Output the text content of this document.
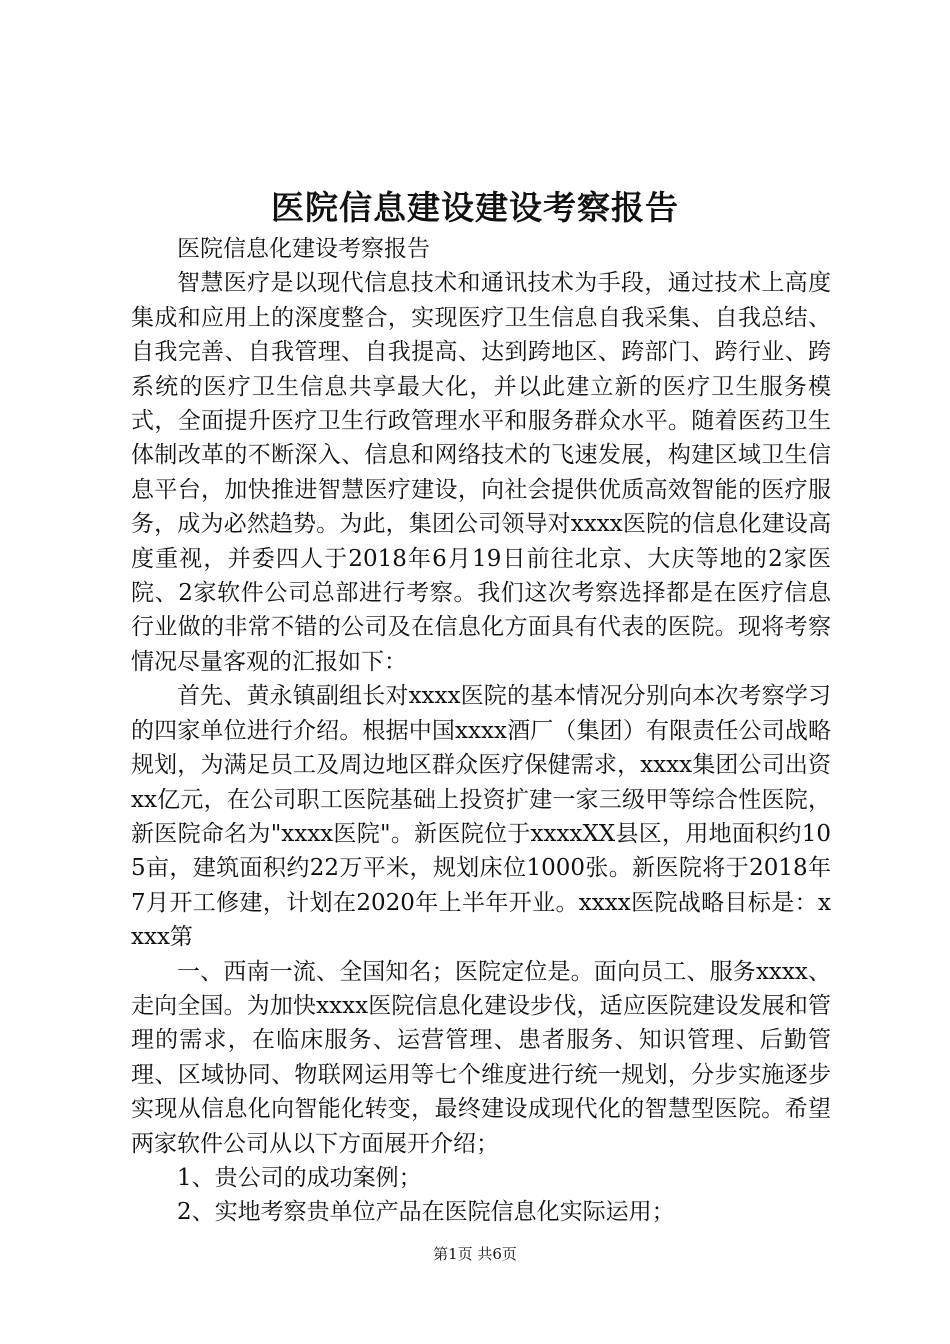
医院信息建设建设考察报告

医院信息化建设考察报告

智慧医疗是以现代信息技术和通讯技术为手段，通过技术上高度集成和应用上的深度整合，实现医疗卫生信息自我采集、自我总结、自我完善、自我管理、自我提高、达到跨地区、跨部门、跨行业、跨系统的医疗卫生信息共享最大化，并以此建立新的医疗卫生服务模式，全面提升医疗卫生行政管理水平和服务群众水平。随着医药卫生体制改革的不断深入、信息和网络技术的飞速发展，构建区域卫生信息平台，加快推进智慧医疗建设，向社会提供优质高效智能的医疗服务，成为必然趋势。为此，集团公司领导对xxxx医院的信息化建设高度重视，并委四人于2018年6月19日前往北京、大庆等地的2家医院、2家软件公司总部进行考察。我们这次考察选择都是在医疗信息行业做的非常不错的公司及在信息化方面具有代表的医院。现将考察情况尽量客观的汇报如下：

首先、黄永镇副组长对xxxx医院的基本情况分别向本次考察学习的四家单位进行介绍。根据中国xxxx酒厂（集团）有限责任公司战略规划，为满足员工及周边地区群众医疗保健需求，xxxx集团公司出资xx亿元，在公司职工医院基础上投资扩建一家三级甲等综合性医院，新医院命名为"xxxx医院"。新医院位于xxxxXX县区，用地面积约105亩，建筑面积约22万平米，规划床位1000张。新医院将于2018年7月开工修建，计划在2020年上半年开业。xxxx医院战略目标是：xxxx第

一、西南一流、全国知名；医院定位是。面向员工、服务xxxx、走向全国。为加快xxxx医院信息化建设步伐，适应医院建设发展和管理的需求，在临床服务、运营管理、患者服务、知识管理、后勤管理、区域协同、物联网运用等七个维度进行统一规划，分步实施逐步实现从信息化向智能化转变，最终建设成现代化的智慧型医院。希望两家软件公司从以下方面展开介绍；

1、贵公司的成功案例；

2、实地考察贵单位产品在医院信息化实际运用；

第1页 共6页
